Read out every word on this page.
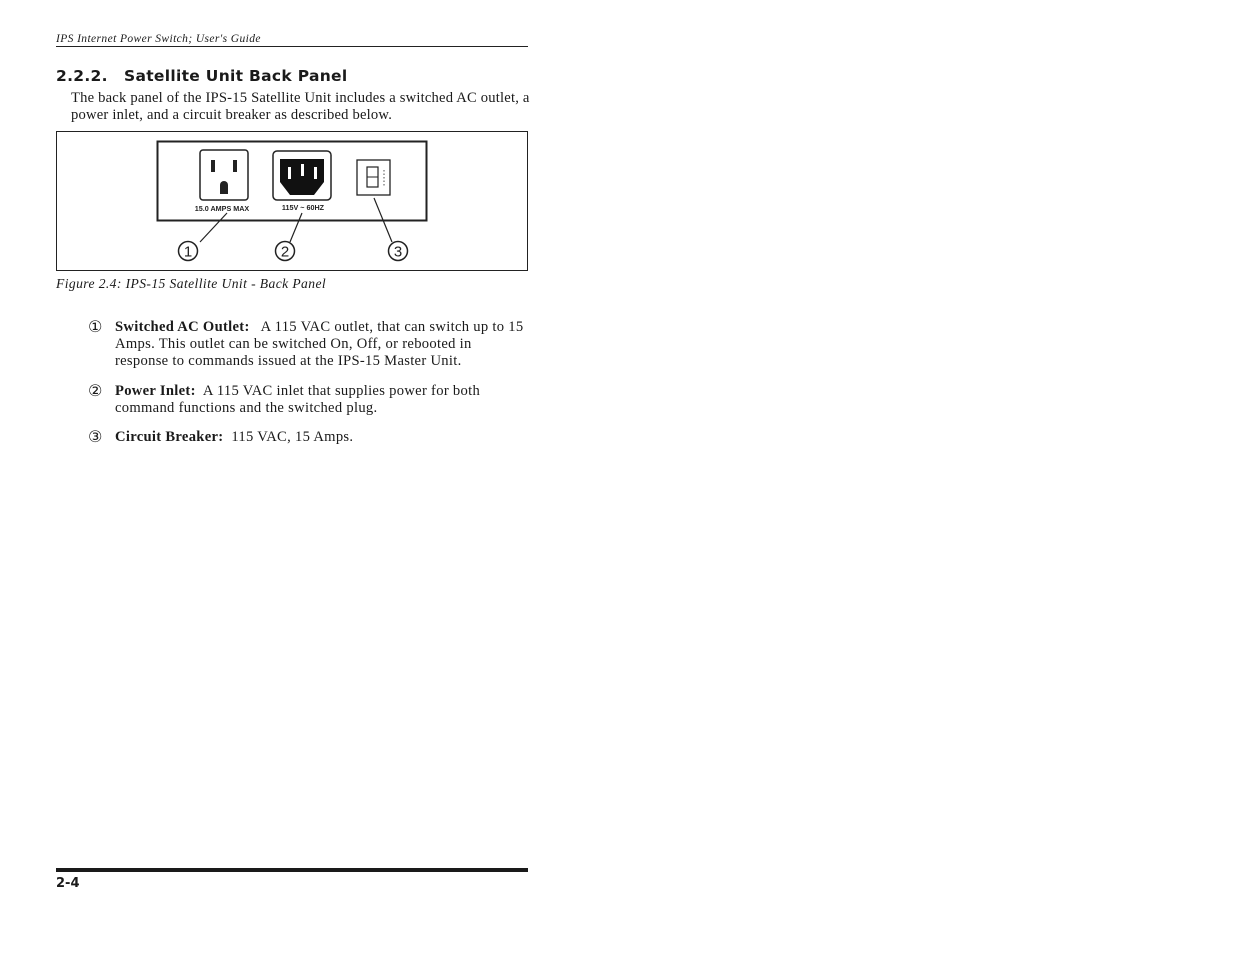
IPS Internet Power Switch; User's Guide
2.2.2. Satellite Unit Back Panel
The back panel of the IPS-15 Satellite Unit includes a switched AC outlet, a power inlet, and a circuit breaker as described below.
15.0 AMPS MAX	115V ~ 60HZ
1	2	3
Figure 2.4: IPS-15 Satellite Unit - Back Panel
① Switched AC Outlet: A 115 VAC outlet, that can switch up to 15 Amps. This outlet can be switched On, Off, or rebooted in response to commands issued at the IPS-15 Master Unit.
② Power Inlet: A 115 VAC inlet that supplies power for both command functions and the switched plug.
③ Circuit Breaker: 115 VAC, 15 Amps.
2-4
